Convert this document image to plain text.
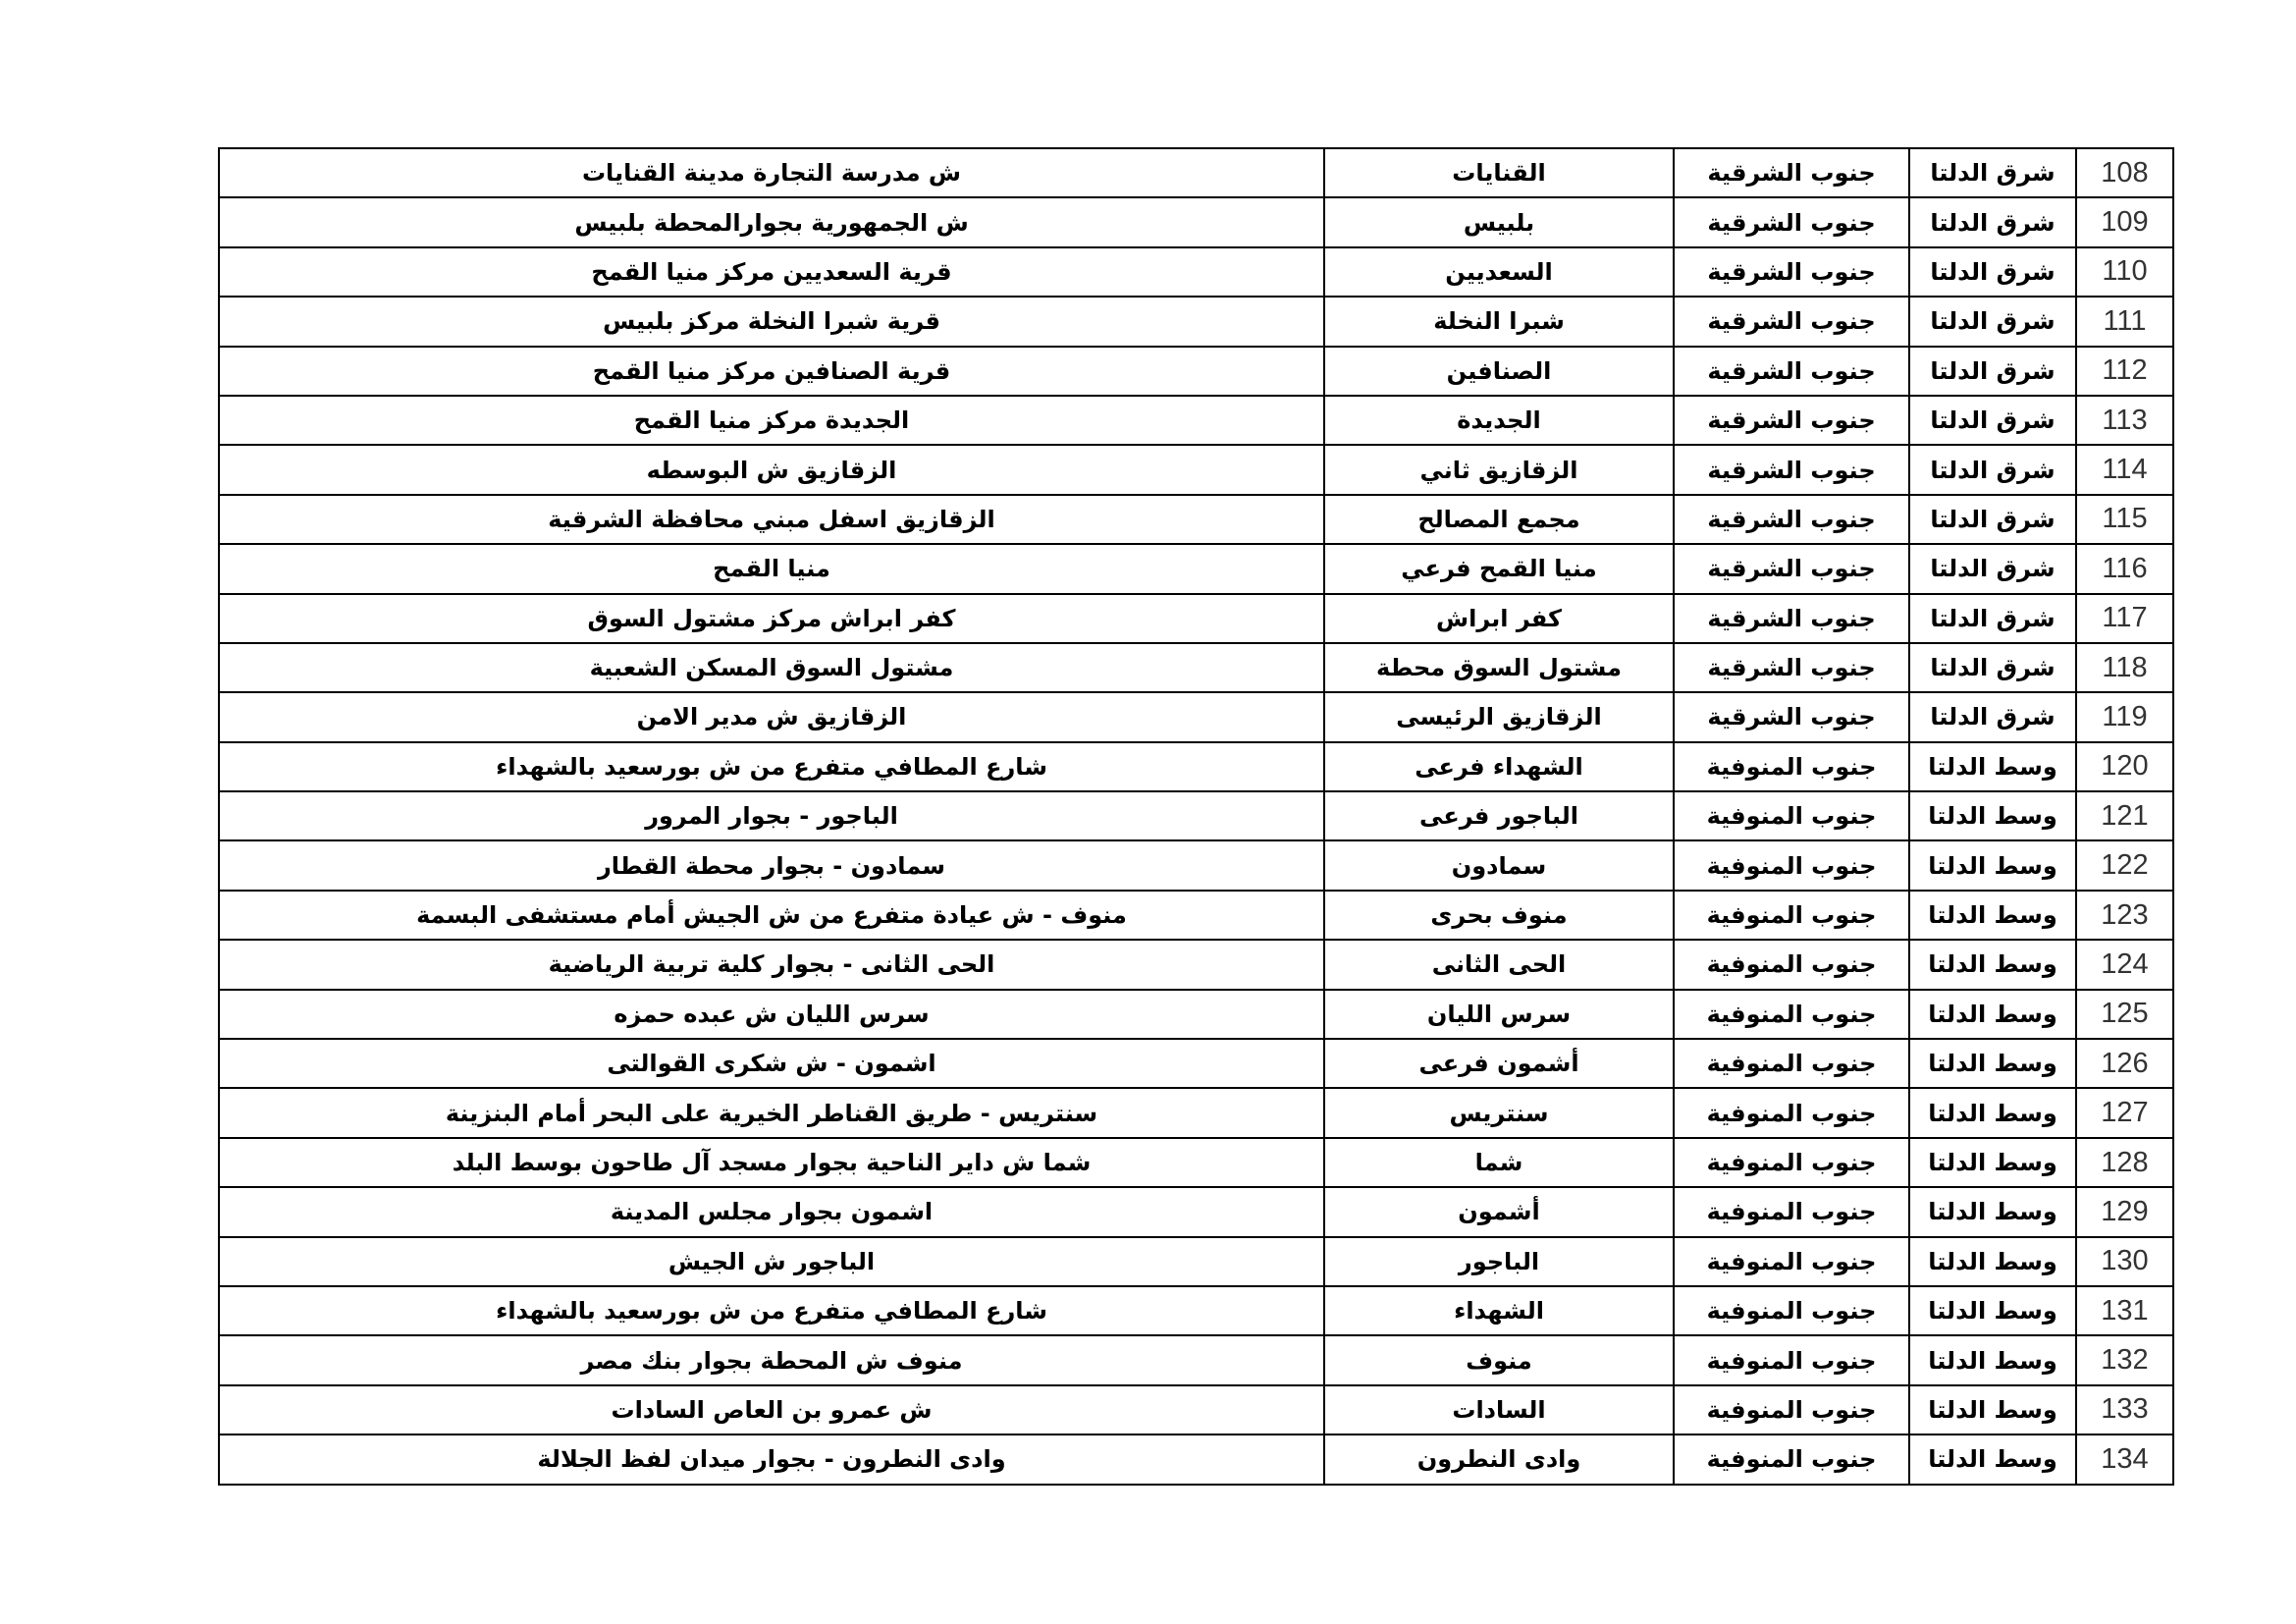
ش مدرسة التجارة مدينة القنايات	القنايات	جنوب الشرقية	شرق الدلتا	108
ش الجمهورية بجوارالمحطة بلبيس	بلبيس	جنوب الشرقية	شرق الدلتا	109
قرية السعديين مركز منيا القمح	السعديين	جنوب الشرقية	شرق الدلتا	110
قرية شبرا النخلة مركز بلبيس	شبرا النخلة	جنوب الشرقية	شرق الدلتا	111
قرية الصنافين مركز منيا القمح	الصنافين	جنوب الشرقية	شرق الدلتا	112
الجديدة مركز منيا القمح	الجديدة	جنوب الشرقية	شرق الدلتا	113
الزقازيق ش البوسطه	الزقازيق ثاني	جنوب الشرقية	شرق الدلتا	114
الزقازيق اسفل مبني محافظة الشرقية	مجمع المصالح	جنوب الشرقية	شرق الدلتا	115
منيا القمح	منيا القمح فرعي	جنوب الشرقية	شرق الدلتا	116
كفر ابراش مركز مشتول السوق	كفر ابراش	جنوب الشرقية	شرق الدلتا	117
مشتول السوق المسكن الشعبية	مشتول السوق محطة	جنوب الشرقية	شرق الدلتا	118
الزقازيق ش مدير الامن	الزقازيق الرئيسى	جنوب الشرقية	شرق الدلتا	119
شارع المطافي متفرع من ش بورسعيد بالشهداء	الشهداء فرعى	جنوب المنوفية	وسط الدلتا	120
الباجور - بجوار المرور	الباجور فرعى	جنوب المنوفية	وسط الدلتا	121
سمادون - بجوار محطة القطار	سمادون	جنوب المنوفية	وسط الدلتا	122
منوف - ش عيادة متفرع من ش الجيش أمام مستشفى البسمة	منوف بحرى	جنوب المنوفية	وسط الدلتا	123
الحى الثانى - بجوار كلية تربية الرياضية	الحى الثانى	جنوب المنوفية	وسط الدلتا	124
سرس الليان ش عبده حمزه	سرس الليان	جنوب المنوفية	وسط الدلتا	125
اشمون - ش شكرى القوالتى	أشمون فرعى	جنوب المنوفية	وسط الدلتا	126
سنتريس - طريق القناطر الخيرية على البحر أمام البنزينة	سنتريس	جنوب المنوفية	وسط الدلتا	127
شما ش داير الناحية بجوار مسجد آل طاحون بوسط البلد	شما	جنوب المنوفية	وسط الدلتا	128
اشمون بجوار مجلس المدينة	أشمون	جنوب المنوفية	وسط الدلتا	129
الباجور ش الجيش	الباجور	جنوب المنوفية	وسط الدلتا	130
شارع المطافي متفرع من ش بورسعيد بالشهداء	الشهداء	جنوب المنوفية	وسط الدلتا	131
منوف ش المحطة بجوار بنك مصر	منوف	جنوب المنوفية	وسط الدلتا	132
ش عمرو بن العاص السادات	السادات	جنوب المنوفية	وسط الدلتا	133
وادى النطرون - بجوار ميدان لفظ الجلالة	وادى النطرون	جنوب المنوفية	وسط الدلتا	134
